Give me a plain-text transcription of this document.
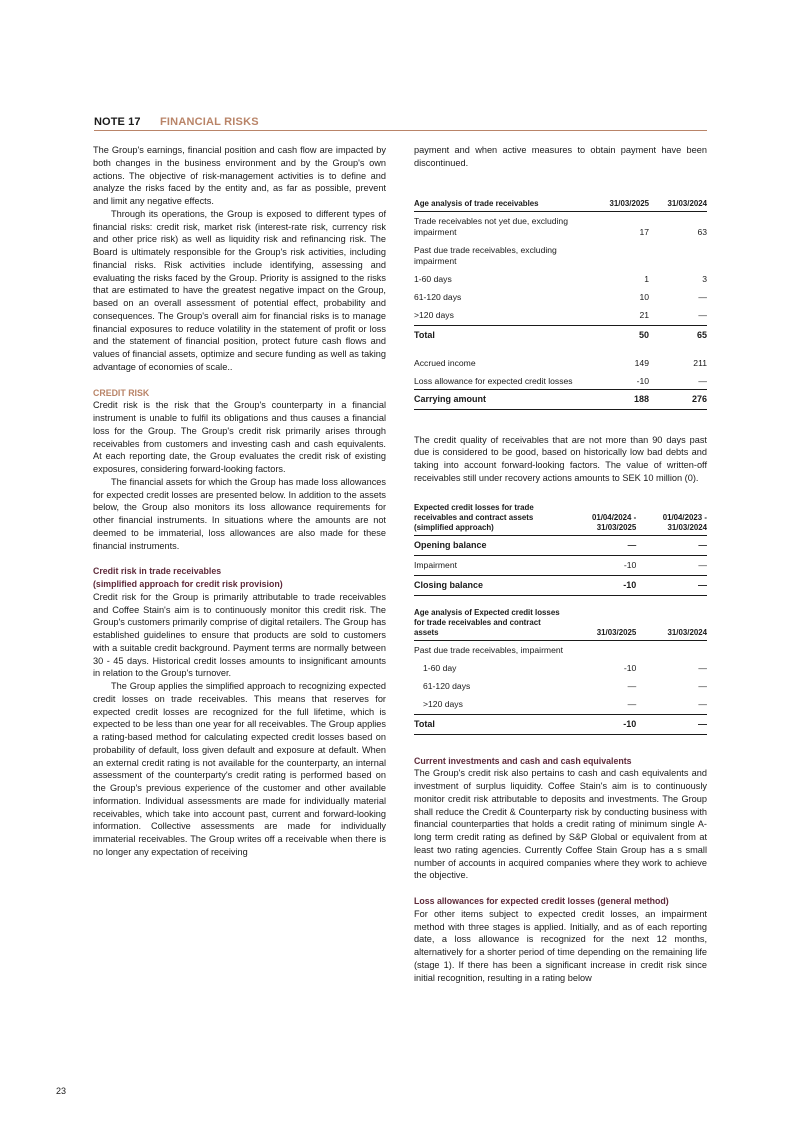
NOTE 17 FINANCIAL RISKS

The Group's earnings, financial position and cash flow are impacted by both changes in the business environment and by the Group's own actions. The objective of risk-management activities is to define and analyze the risks faced by the entity and, as far as possible, prevent and limit any negative effects.

Through its operations, the Group is exposed to different types of financial risks: credit risk, market risk (interest-rate risk, currency risk and other price risk) as well as liquidity risk and refinancing risk. The Board is ultimately responsible for the Group's risk activities, including financial risks. Risk activities include identifying, assessing and evaluating the risks faced by the Group. Priority is assigned to the risks that are estimated to have the greatest negative impact on the Group, based on an overall assessment of potential effect, probability and consequences. The Group's overall aim for financial risks is to manage financial exposures to reduce volatility in the statement of profit or loss and the statement of financial position, protect future cash flows and values of financial assets, optimize and secure funding as well as taking advantage of economies of scale..

CREDIT RISK

Credit risk is the risk that the Group's counterparty in a financial instrument is unable to fulfil its obligations and thus causes a financial loss for the Group. The Group's credit risk primarily arises through receivables from customers and investing cash and cash equivalents. At each reporting date, the Group evaluates the credit risk of existing exposures, considering forward-looking factors.

The financial assets for which the Group has made loss allowances for expected credit losses are presented below. In addition to the assets below, the Group also monitors its loss allowance requirements for other financial instruments. In situations where the amounts are not deemed to be immaterial, loss allowances are also made for these financial instruments.

Credit risk in trade receivables
(simplified approach for credit risk provision)

Credit risk for the Group is primarily attributable to trade receivables and Coffee Stain's aim is to continuously monitor this credit risk. The Group's customers primarily comprise of digital retailers. The Group has established guidelines to ensure that products are sold to customers with a suitable credit background. Payment terms are normally between 30 - 45 days. Historical credit losses amounts to insignificant amounts in relation to the Group's turnover.

The Group applies the simplified approach to recognizing expected credit losses on trade receivables. This means that reserves for expected credit losses are recognized for the full lifetime, which is expected to be less than one year for all receivables. The Group applies a rating-based method for calculating expected credit losses based on probability of default, loss given default and exposure at default. When an external credit rating is not available for the counterparty, an internal assessment of the counterparty's credit rating is performed based on the Group's previous experience of the customer and other available information. Individual assessments are made for individually material receivables, which take into account past, current and forward-looking information. Collective assessments are made for individually immaterial receivables. The Group writes off a receivable when there is no longer any expectation of receiving

payment and when active measures to obtain payment have been discontinued.

Age analysis of trade receivables	31/03/2025	31/03/2024
Trade receivables not yet due, excluding impairment	17	63
Past due trade receivables, excluding impairment		
1-60 days	1	3
61-120 days	10	—
>120 days	21	—
Total	50	65
Accrued income	149	211
Loss allowance for expected credit losses	-10	—
Carrying amount	188	276

The credit quality of receivables that are not more than 90 days past due is considered to be good, based on historically low bad debts and taking into account forward-looking factors. The value of written-off receivables still under recovery actions amounts to SEK 10 million (0).

Expected credit losses for trade receivables and contract assets (simplified approach)	01/04/2024 - 31/03/2025	01/04/2023 - 31/03/2024
Opening balance	—	—
Impairment	-10	—
Closing balance	-10	—
Age analysis of Expected credit losses for trade receivables and contract assets	31/03/2025	31/03/2024
Past due trade receivables, impairment		
1-60 day	-10	—
61-120 days	—	—
>120 days	—	—
Total	-10	—
Current investments and cash and cash equivalents

The Group's credit risk also pertains to cash and cash equivalents and investment of surplus liquidity. Coffee Stain's aim is to continuously monitor credit risk attributable to deposits and investments. The Group shall reduce the Credit & Counterparty risk by conducting business with financial counterparties that holds a credit rating of minimum single A- long term credit rating as defined by S&P Global or equivalent from at least two rating agencies. Currently Coffee Stain Group has a s small number of accounts in acquired companies where they work to achieve the objective.

Loss allowances for expected credit losses (general method)

For other items subject to expected credit losses, an impairment method with three stages is applied. Initially, and as of each reporting date, a loss allowance is recognized for the next 12 months, alternatively for a shorter period of time depending on the remaining life (stage 1). If there has been a significant increase in credit risk since initial recognition, resulting in a rating below

23
